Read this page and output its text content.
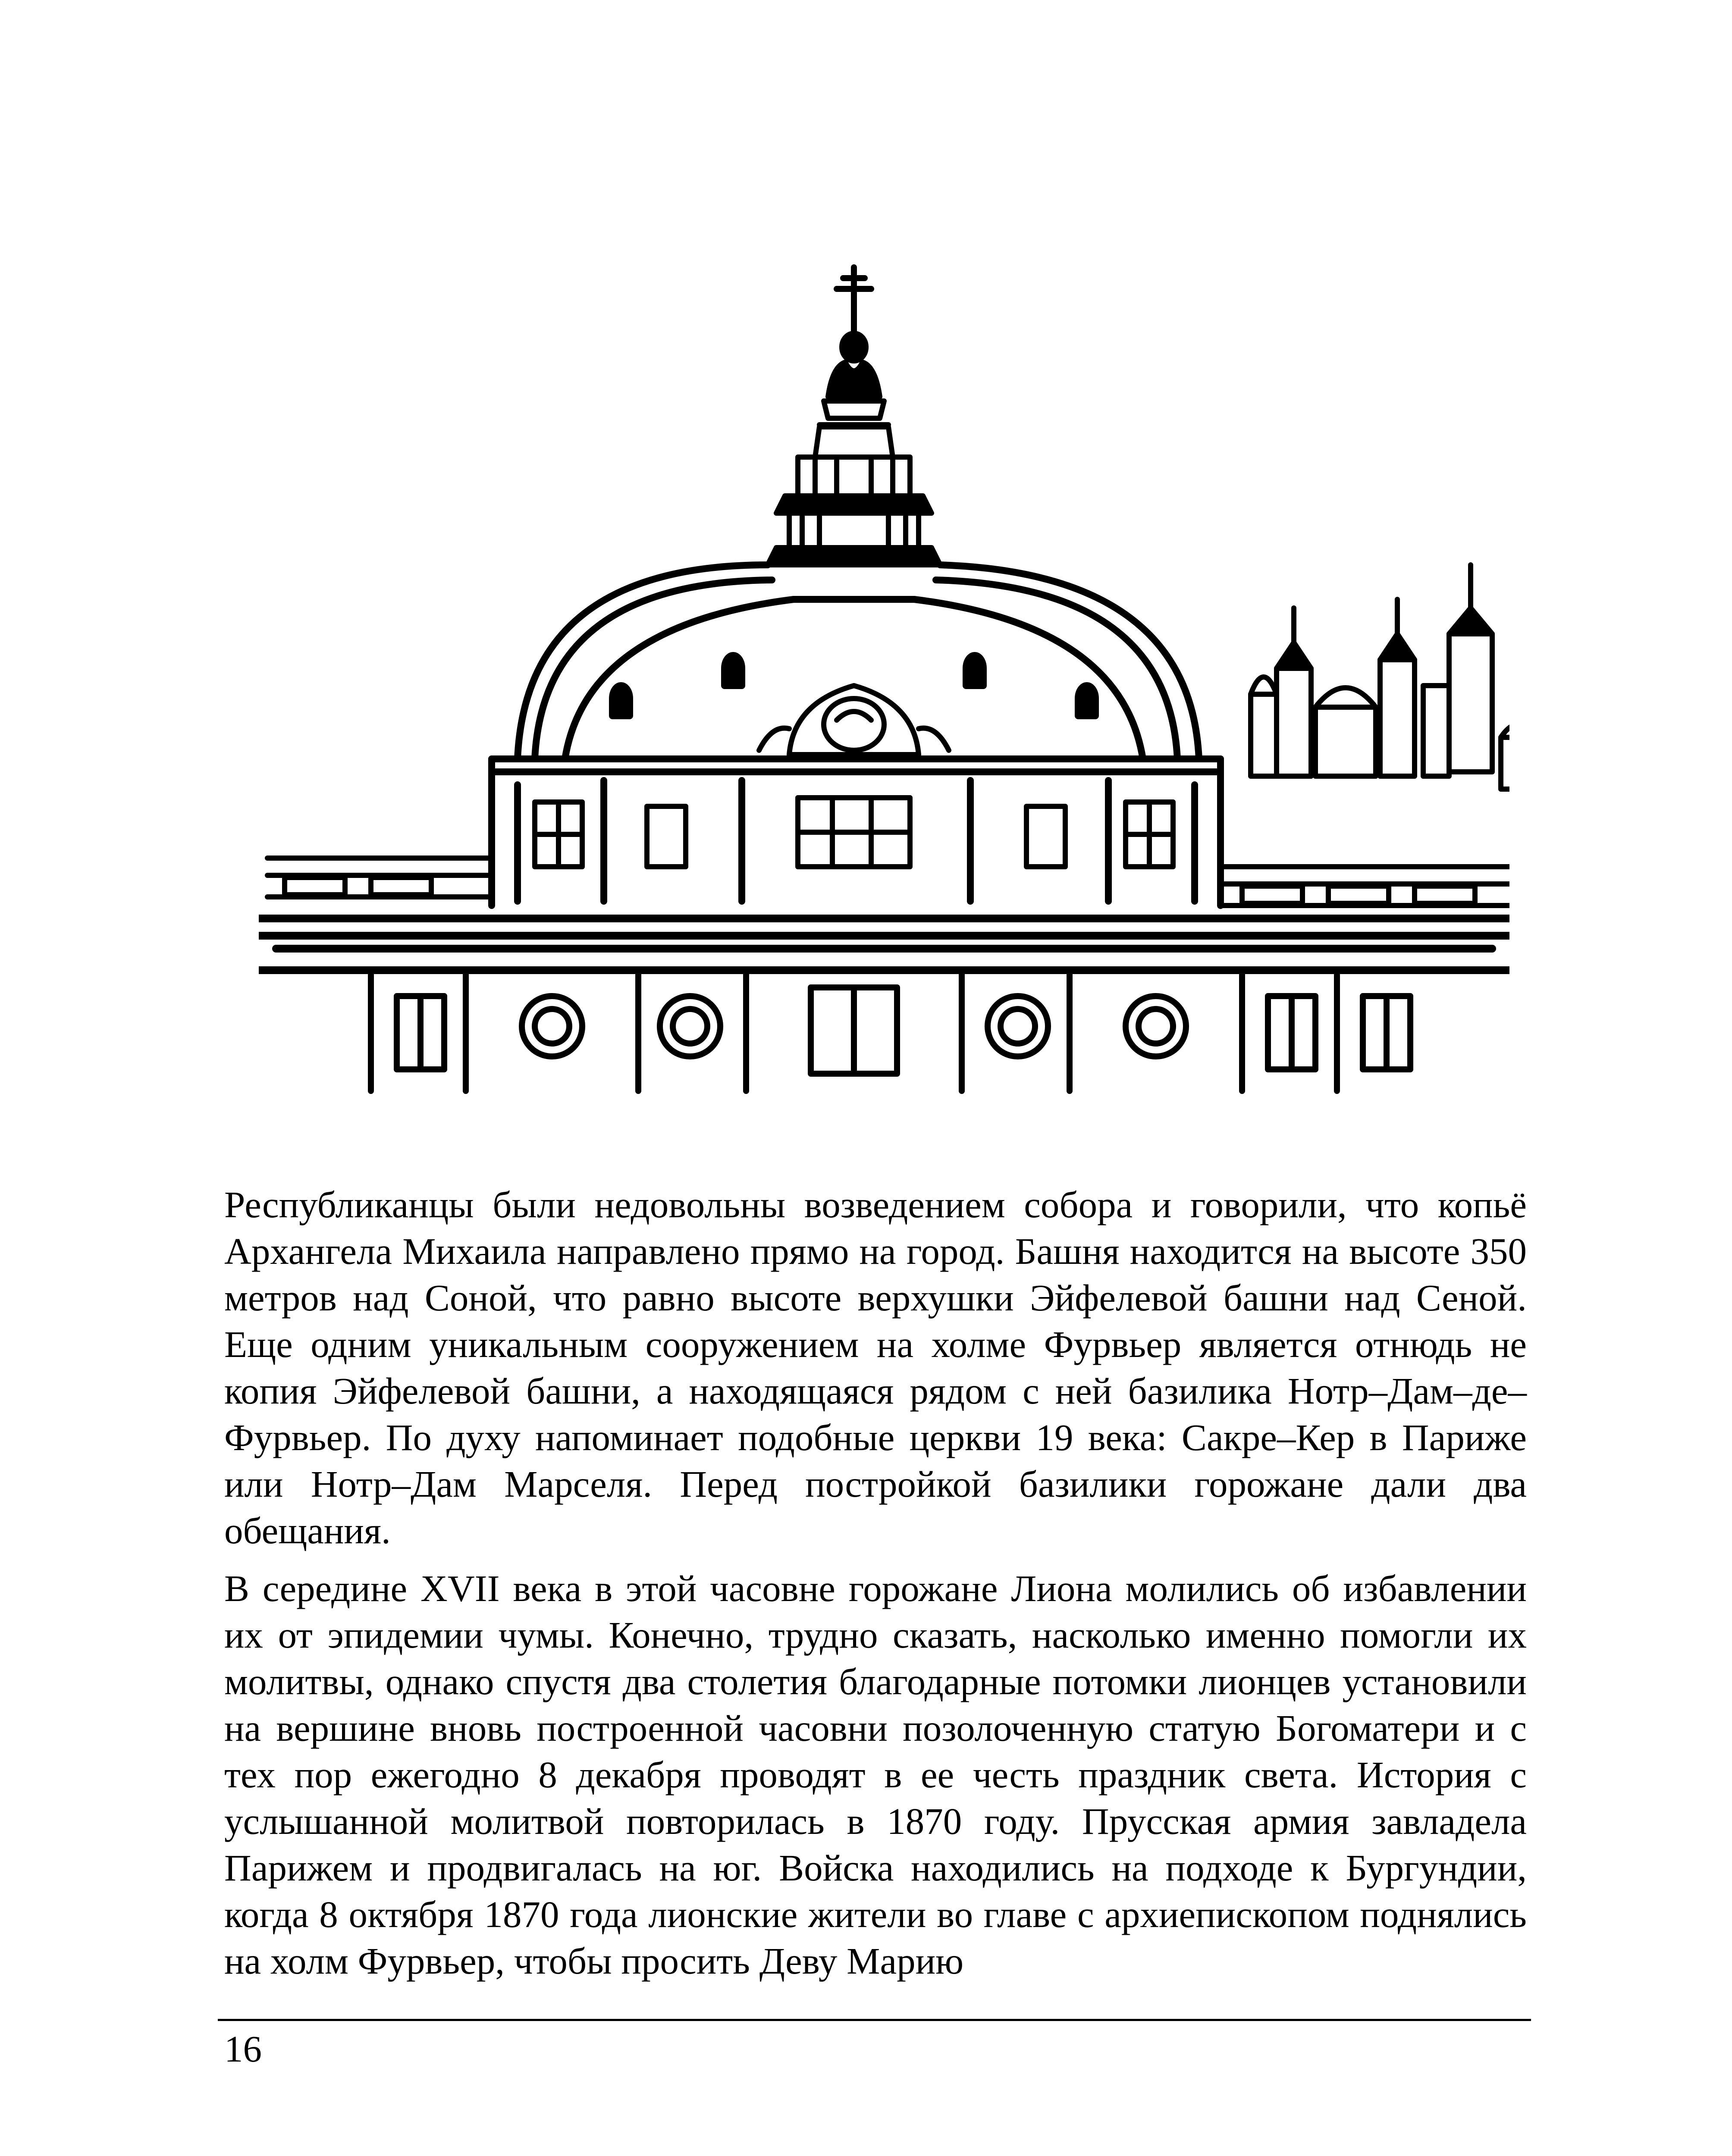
Республиканцы были недовольны возведением собора и говорили, что копьё Архангела Михаила направлено прямо на город. Башня находится на высоте 350 метров над Соной, что равно высоте верхушки Эйфелевой башни над Сеной. Еще одним уникальным сооружением на холме Фурвьер является отнюдь не копия Эйфелевой башни, а находящаяся рядом с ней базилика Нотр–Дам–де–Фурвьер. По духу напоминает подобные церкви 19 века: Сакре–Кер в Париже или Нотр–Дам Марселя. Перед постройкой базилики горожане дали два обещания.

В середине XVII века в этой часовне горожане Лиона молились об избавлении их от эпидемии чумы. Конечно, трудно сказать, насколько именно помогли их молитвы, однако спустя два столетия благодарные потомки лионцев установили на вершине вновь построенной часовни позолоченную статую Богоматери и с тех пор ежегодно 8 декабря проводят в ее честь праздник света. История с услышанной молитвой повторилась в 1870 году. Прусская армия завладела Парижем и продвигалась на юг. Войска находились на подходе к Бургундии, когда 8 октября 1870 года лионские жители во главе с архиепископом поднялись на холм Фурвьер, чтобы просить Деву Марию

16
